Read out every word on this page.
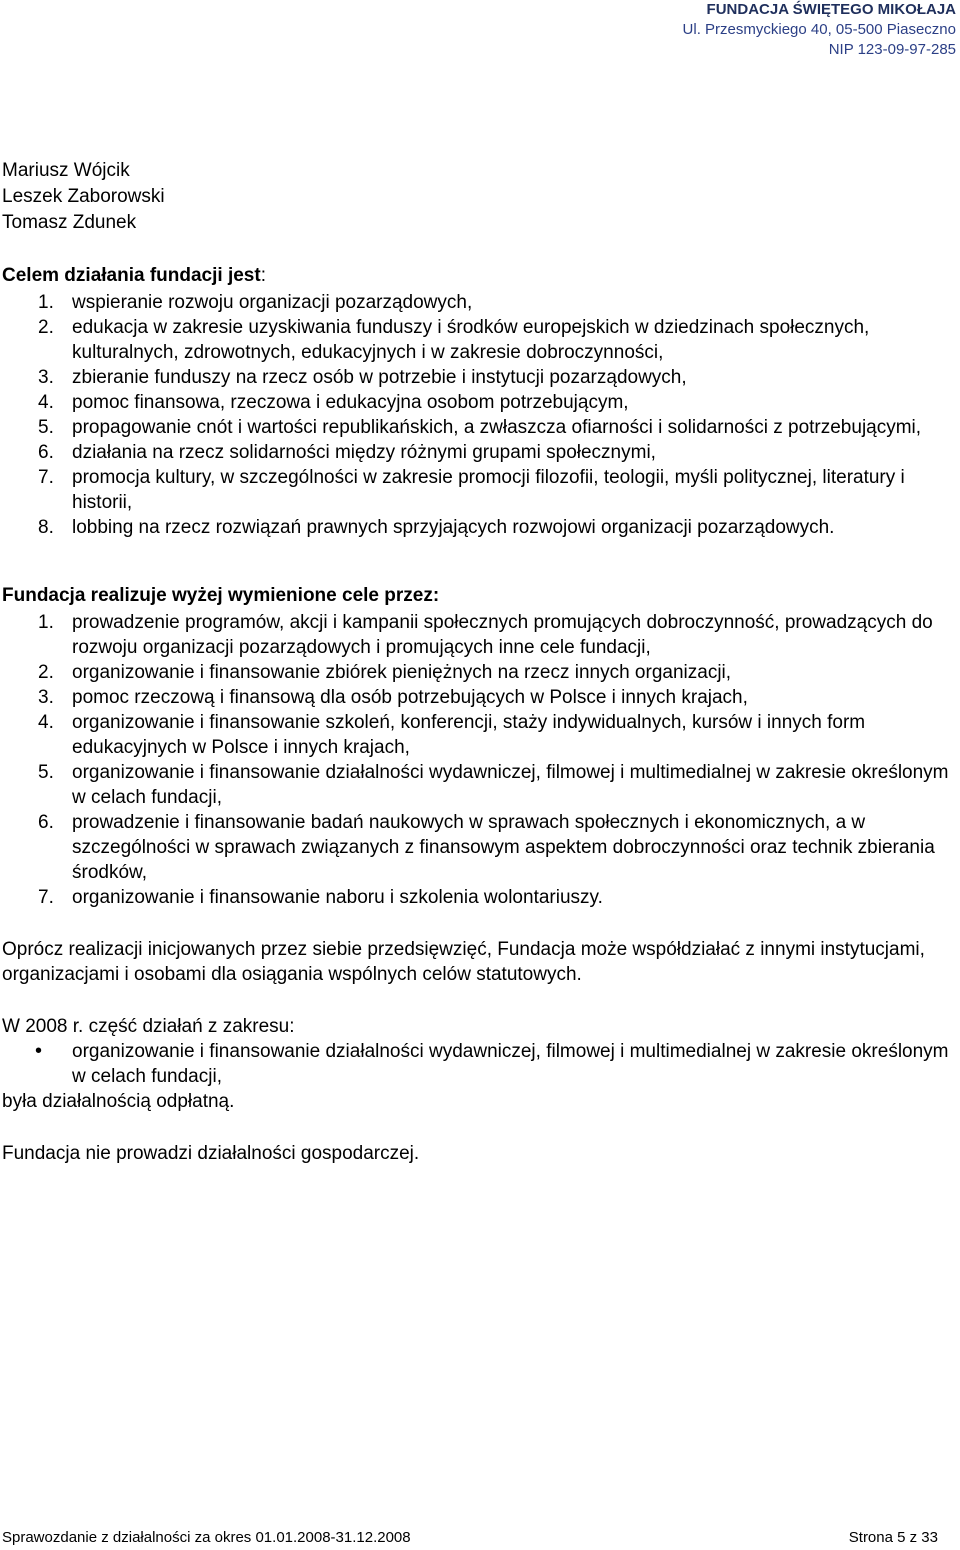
FUNDACJA ŚWIĘTEGO MIKOŁAJA
Ul. Przesmyckiego 40, 05-500 Piaseczno
NIP 123-09-97-285
Mariusz Wójcik
Leszek Zaborowski
Tomasz Zdunek
Celem działania fundacji jest:
1. wspieranie rozwoju organizacji pozarządowych,
2. edukacja w zakresie uzyskiwania funduszy i środków europejskich w dziedzinach społecznych, kulturalnych, zdrowotnych, edukacyjnych i w zakresie dobroczynności,
3. zbieranie funduszy na rzecz osób w potrzebie i instytucji pozarządowych,
4. pomoc finansowa, rzeczowa i edukacyjna osobom potrzebującym,
5. propagowanie cnót i wartości republikańskich, a zwłaszcza ofiarności i solidarności z potrzebującymi,
6. działania na rzecz solidarności między różnymi grupami społecznymi,
7. promocja kultury, w szczególności w zakresie promocji filozofii, teologii, myśli politycznej, literatury i historii,
8. lobbing na rzecz rozwiązań prawnych sprzyjających rozwojowi organizacji pozarządowych.
Fundacja realizuje wyżej wymienione cele przez:
1. prowadzenie programów, akcji i kampanii społecznych promujących dobroczynność, prowadzących do rozwoju organizacji pozarządowych i promujących inne cele fundacji,
2. organizowanie i finansowanie zbiórek pieniężnych na rzecz innych organizacji,
3. pomoc rzeczową i finansową dla osób potrzebujących w Polsce i innych krajach,
4. organizowanie i finansowanie szkoleń, konferencji, staży indywidualnych, kursów i innych form edukacyjnych w Polsce i innych krajach,
5. organizowanie i finansowanie działalności wydawniczej, filmowej i multimedialnej w zakresie określonym w celach fundacji,
6. prowadzenie i finansowanie badań naukowych w sprawach społecznych i ekonomicznych, a w szczególności w sprawach związanych z finansowym aspektem dobroczynności oraz technik zbierania środków,
7. organizowanie i finansowanie naboru i szkolenia wolontariuszy.
Oprócz realizacji inicjowanych przez siebie przedsięwzięć, Fundacja może współdziałać z innymi instytucjami, organizacjami i osobami dla osiągania wspólnych celów statutowych.
W 2008 r. część działań z zakresu:
• organizowanie i finansowanie działalności wydawniczej, filmowej i multimedialnej w zakresie określonym w celach fundacji,
była działalnością odpłatną.
Fundacja nie prowadzi działalności gospodarczej.
Sprawozdanie z działalności za okres 01.01.2008-31.12.2008	Strona 5 z 33
